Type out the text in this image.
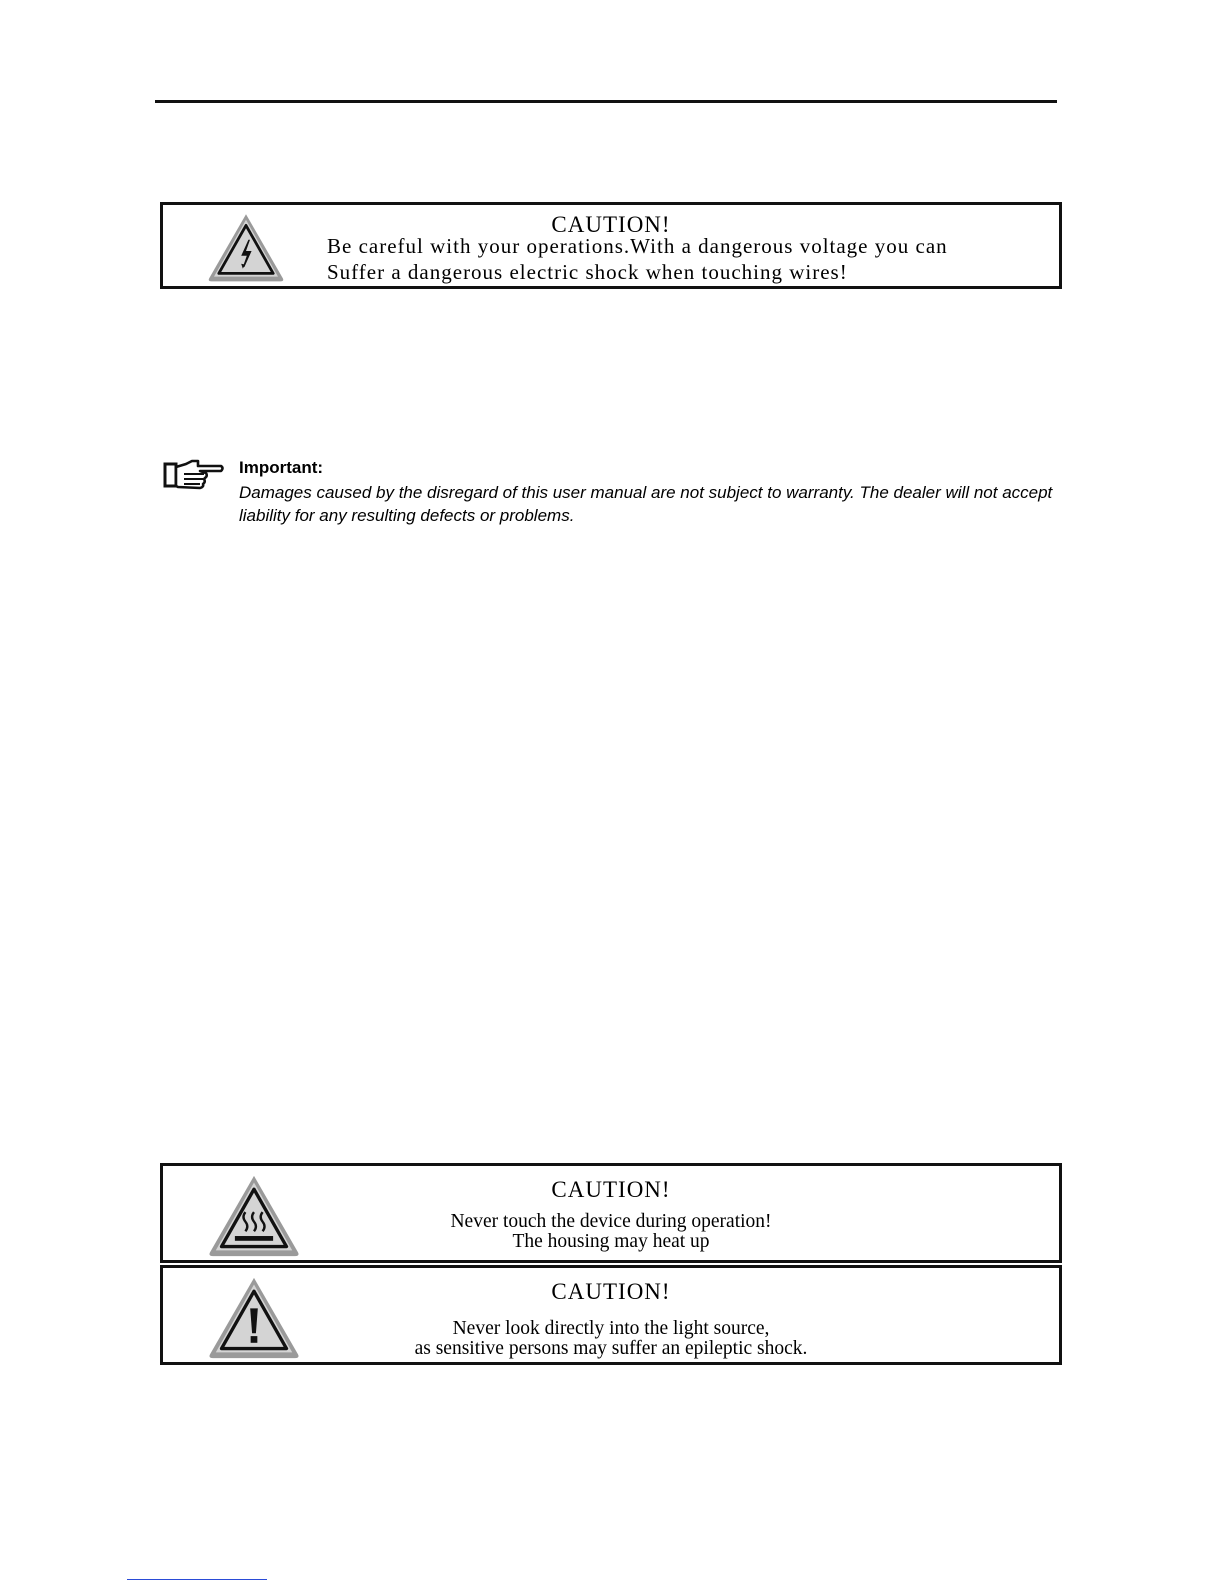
CAUTION!
Be careful with your operations.With a dangerous voltage you can
Suffer a dangerous electric shock when touching wires!
Important:
Damages caused by the disregard of this user manual are not subject to warranty. The dealer will not accept liability for any resulting defects or problems.
CAUTION!
Never touch the device during operation!
The housing may heat up
CAUTION!
Never look directly into the light source,
as sensitive persons may suffer an epileptic shock.
